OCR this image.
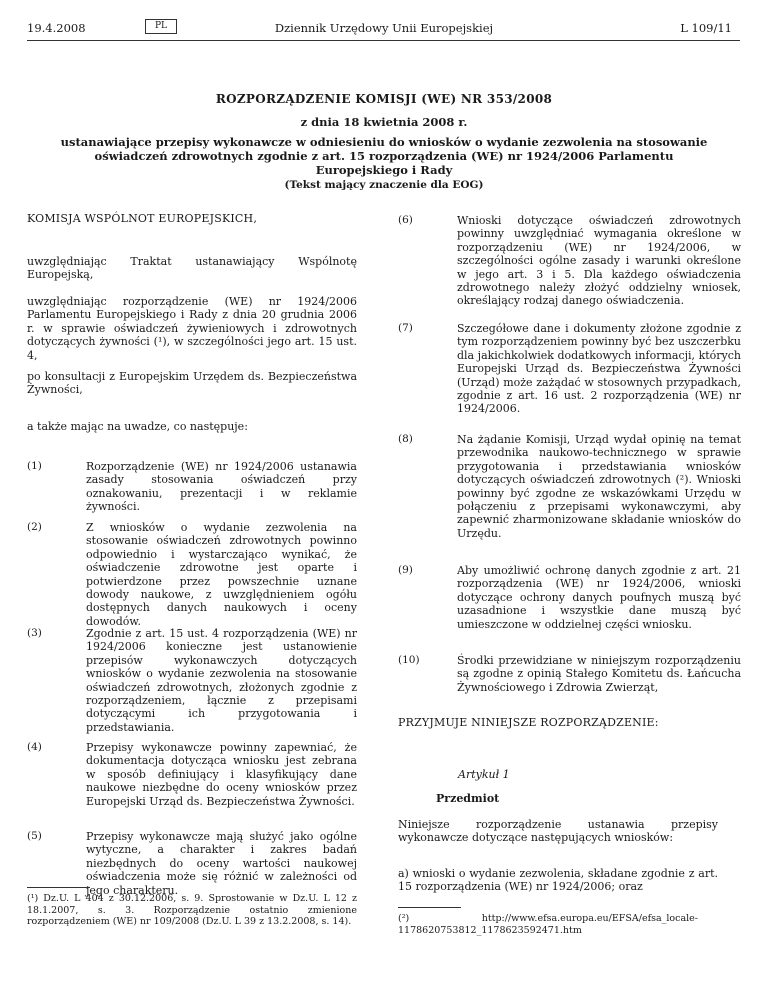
19.4.2008	PL	Dziennik Urzędowy Unii Europejskiej	L 109/11
ROZPORZĄDZENIE KOMISJI (WE) NR 353/2008
z dnia 18 kwietnia 2008 r.
ustanawiające przepisy wykonawcze w odniesieniu do wniosków o wydanie zezwolenia na stosowanie oświadczeń zdrowotnych zgodnie z art. 15 rozporządzenia (WE) nr 1924/2006 Parlamentu Europejskiego i Rady
(Tekst mający znaczenie dla EOG)

KOMISJA WSPÓLNOT EUROPEJSKICH,

uwzględniając Traktat ustanawiający Wspólnotę Europejską,

uwzględniając rozporządzenie (WE) nr 1924/2006 Parlamentu Europejskiego i Rady z dnia 20 grudnia 2006 r. w sprawie oświadczeń żywieniowych i zdrowotnych dotyczących żywności (¹), w szczególności jego art. 15 ust. 4,

po konsultacji z Europejskim Urzędem ds. Bezpieczeństwa Żywności,

a także mając na uwadze, co następuje:

(1)	Rozporządzenie (WE) nr 1924/2006 ustanawia zasady stosowania oświadczeń przy oznakowaniu, prezentacji i w reklamie żywności.

(2)	Z wniosków o wydanie zezwolenia na stosowanie oświadczeń zdrowotnych powinno odpowiednio i wystarczająco wynikać, że oświadczenie zdrowotne jest oparte i potwierdzone przez powszechnie uznane dowody naukowe, z uwzględnieniem ogółu dostępnych danych naukowych i oceny dowodów.

(3)	Zgodnie z art. 15 ust. 4 rozporządzenia (WE) nr 1924/2006 konieczne jest ustanowienie przepisów wykonawczych dotyczących wniosków o wydanie zezwolenia na stosowanie oświadczeń zdrowotnych, złożonych zgodnie z rozporządzeniem, łącznie z przepisami dotyczącymi ich przygotowania i przedstawiania.

(4)	Przepisy wykonawcze powinny zapewniać, że dokumentacja dotycząca wniosku jest zebrana w sposób definiujący i klasyfikujący dane naukowe niezbędne do oceny wniosków przez Europejski Urząd ds. Bezpieczeństwa Żywności.

(5)	Przepisy wykonawcze mają służyć jako ogólne wytyczne, a charakter i zakres badań niezbędnych do oceny wartości naukowej oświadczenia może się różnić w zależności od jego charakteru.

(¹) Dz.U. L 404 z 30.12.2006, s. 9. Sprostowanie w Dz.U. L 12 z 18.1.2007, s. 3. Rozporządzenie ostatnio zmienione rozporządzeniem (WE) nr 109/2008 (Dz.U. L 39 z 13.2.2008, s. 14).

(6)	Wnioski dotyczące oświadczeń zdrowotnych powinny uwzględniać wymagania określone w rozporządzeniu (WE) nr 1924/2006, w szczególności ogólne zasady i warunki określone w jego art. 3 i 5. Dla każdego oświadczenia zdrowotnego należy złożyć oddzielny wniosek, określający rodzaj danego oświadczenia.

(7)	Szczegółowe dane i dokumenty złożone zgodnie z tym rozporządzeniem powinny być bez uszczerbku dla jakichkolwiek dodatkowych informacji, których Europejski Urząd ds. Bezpieczeństwa Żywności (Urząd) może zażądać w stosownych przypadkach, zgodnie z art. 16 ust. 2 rozporządzenia (WE) nr 1924/2006.

(8)	Na żądanie Komisji, Urząd wydał opinię na temat przewodnika naukowo-technicznego w sprawie przygotowania i przedstawiania wniosków dotyczących oświadczeń zdrowotnych (²). Wnioski powinny być zgodne ze wskazówkami Urzędu w połączeniu z przepisami wykonawczymi, aby zapewnić zharmonizowane składanie wniosków do Urzędu.

(9)	Aby umożliwić ochronę danych zgodnie z art. 21 rozporządzenia (WE) nr 1924/2006, wnioski dotyczące ochrony danych poufnych muszą być uzasadnione i wszystkie dane muszą być umieszczone w oddzielnej części wniosku.

(10)	Środki przewidziane w niniejszym rozporządzeniu są zgodne z opinią Stałego Komitetu ds. Łańcucha Żywnościowego i Zdrowia Zwierząt,

PRZYJMUJE NINIEJSZE ROZPORZĄDZENIE:

Artykuł 1
Przedmiot

Niniejsze rozporządzenie ustanawia przepisy wykonawcze dotyczące następujących wniosków:

a) wnioski o wydanie zezwolenia, składane zgodnie z art. 15 rozporządzenia (WE) nr 1924/2006; oraz

(²) http://www.efsa.europa.eu/EFSA/efsa_locale-1178620753812_1178623592471.htm
